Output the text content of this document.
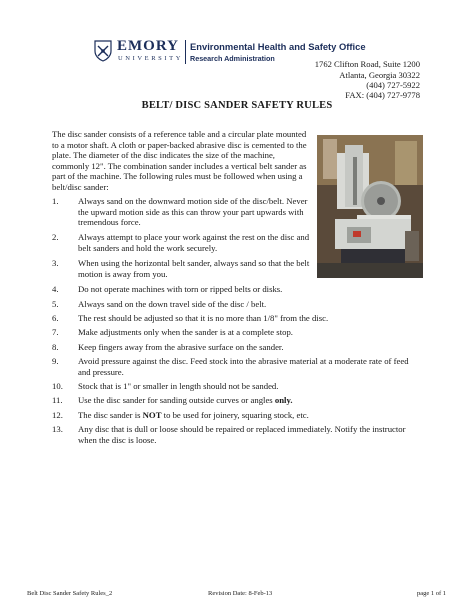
EMORY
UNIVERSITY
Environmental Health and Safety Office
Research Administration
1762 Clifton Road, Suite 1200
Atlanta, Georgia 30322
(404) 727-5922
FAX: (404) 727-9778
BELT/ DISC SANDER SAFETY RULES
The disc sander consists of a reference table and a circular plate mounted to a motor shaft. A cloth or paper-backed abrasive disc is cemented to the plate. The diameter of the disc indicates the size of the machine, commonly 12". The combination sander includes a vertical belt sander as part of the machine. The following rules must be followed when using a belt/disc sander:
1.	Always sand on the downward motion side of the disc/belt. Never the upward motion side as this can throw your part upwards with tremendous force.
2.	Always attempt to place your work against the rest on the disc and belt sanders and hold the work securely.
3.	When using the horizontal belt sander, always sand so that the belt motion is away from you.
4.	Do not operate machines with torn or ripped belts or disks.
5.	Always sand on the down travel side of the disc / belt.
6.	The rest should be adjusted so that it is no more than 1/8" from the disc.
7.	Make adjustments only when the sander is at a complete stop.
8.	Keep fingers away from the abrasive surface on the sander.
9.	Avoid pressure against the disc. Feed stock into the abrasive material at a moderate rate of feed and pressure.
10.	Stock that is 1" or smaller in length should not be sanded.
11.	Use the disc sander for sanding outside curves or angles only.
12.	The disc sander is NOT to be used for joinery, squaring stock, etc.
13.	Any disc that is dull or loose should be repaired or replaced immediately. Notify the instructor when the disc is loose.
Belt Disc Sander Safety Rules_2	Revision Date: 8-Feb-13	page 1 of 1
